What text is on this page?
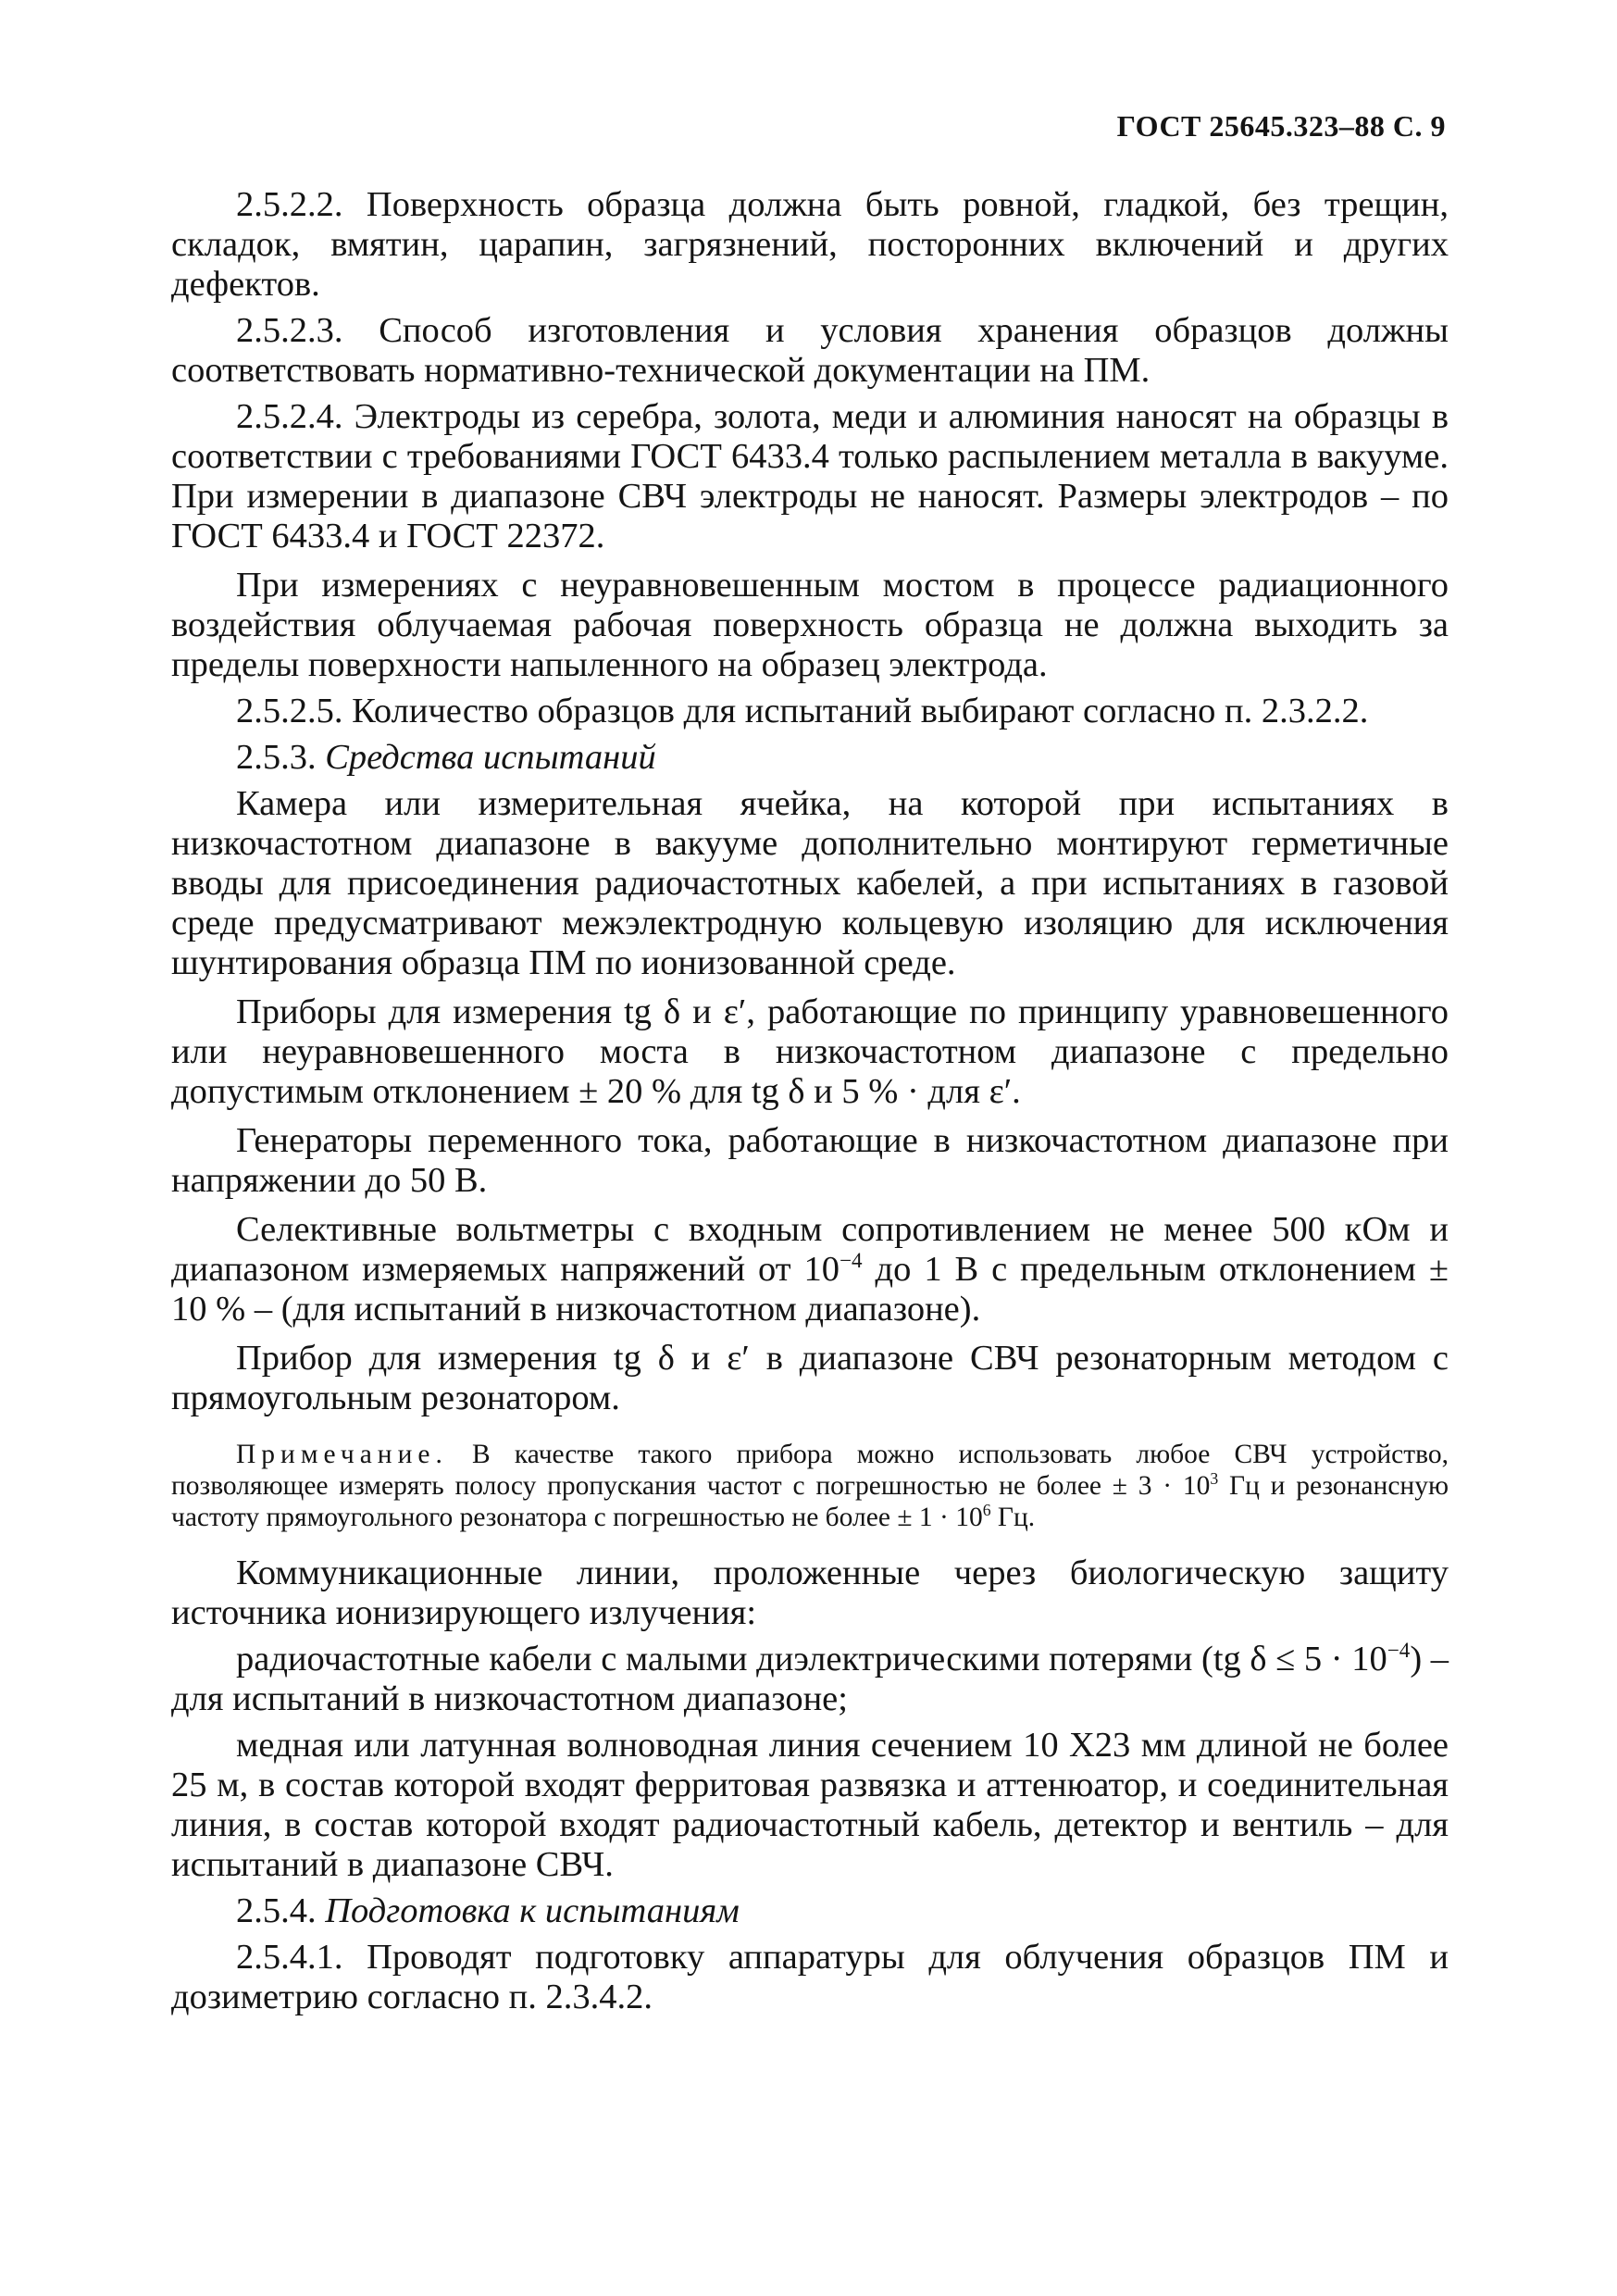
ГОСТ 25645.323–88 С. 9

2.5.2.2. Поверхность образца должна быть ровной, гладкой, без трещин, складок, вмятин, царапин, загрязнений, посторонних включений и других дефектов.

2.5.2.3. Способ изготовления и условия хранения образцов должны соответствовать нормативно-технической документации на ПМ.

2.5.2.4. Электроды из серебра, золота, меди и алюминия наносят на образцы в соответствии с требованиями ГОСТ 6433.4 только распылением металла в вакууме. При измерении в диапазоне СВЧ электроды не наносят. Размеры электродов – по ГОСТ 6433.4 и ГОСТ 22372.

При измерениях с неуравновешенным мостом в процессе радиационного воздействия облучаемая рабочая поверхность образца не должна выходить за пределы поверхности напыленного на образец электрода.

2.5.2.5. Количество образцов для испытаний выбирают согласно п. 2.3.2.2.

2.5.3. Средства испытаний

Камера или измерительная ячейка, на которой при испытаниях в низкочастотном диапазоне в вакууме дополнительно монтируют герметичные вводы для присоединения радиочастотных кабелей, а при испытаниях в газовой среде предусматривают межэлектродную кольцевую изоляцию для исключения шунтирования образца ПМ по ионизованной среде.

Приборы для измерения tg δ и ε′, работающие по принципу уравновешенного или неуравновешенного моста в низкочастотном диапазоне с предельно допустимым отклонением ± 20 % для tg δ и 5 % · для ε′.

Генераторы переменного тока, работающие в низкочастотном диапазоне при напряжении до 50 В.

Селективные вольтметры с входным сопротивлением не менее 500 кОм и диапазоном измеряемых напряжений от $10^{-4}$ до 1 В с предельным отклонением ± 10 % – (для испытаний в низкочастотном диапазоне).

Прибор для измерения tg δ и ε′ в диапазоне СВЧ резонаторным методом с прямоугольным резонатором.

Примечание. В качестве такого прибора можно использовать любое СВЧ устройство, позволяющее измерять полосу пропускания частот с погрешностью не более ± $3 \cdot 10^3$ Гц и резонансную частоту прямоугольного резонатора с погрешностью не более ± $1 \cdot 10^6$ Гц.

Коммуникационные линии, проложенные через биологическую защиту источника ионизирующего излучения:

радиочастотные кабели с малыми диэлектрическими потерями (tg $\delta \le 5 \cdot 10^{-4}$) – для испытаний в низкочастотном диапазоне;

медная или латунная волноводная линия сечением 10 Х23 мм длиной не более 25 м, в состав которой входят ферритовая развязка и аттенюатор, и соединительная линия, в состав которой входят радиочастотный кабель, детектор и вентиль – для испытаний в диапазоне СВЧ.

2.5.4. Подготовка к испытаниям

2.5.4.1. Проводят подготовку аппаратуры для облучения образцов ПМ и дозиметрию согласно п. 2.3.4.2.
